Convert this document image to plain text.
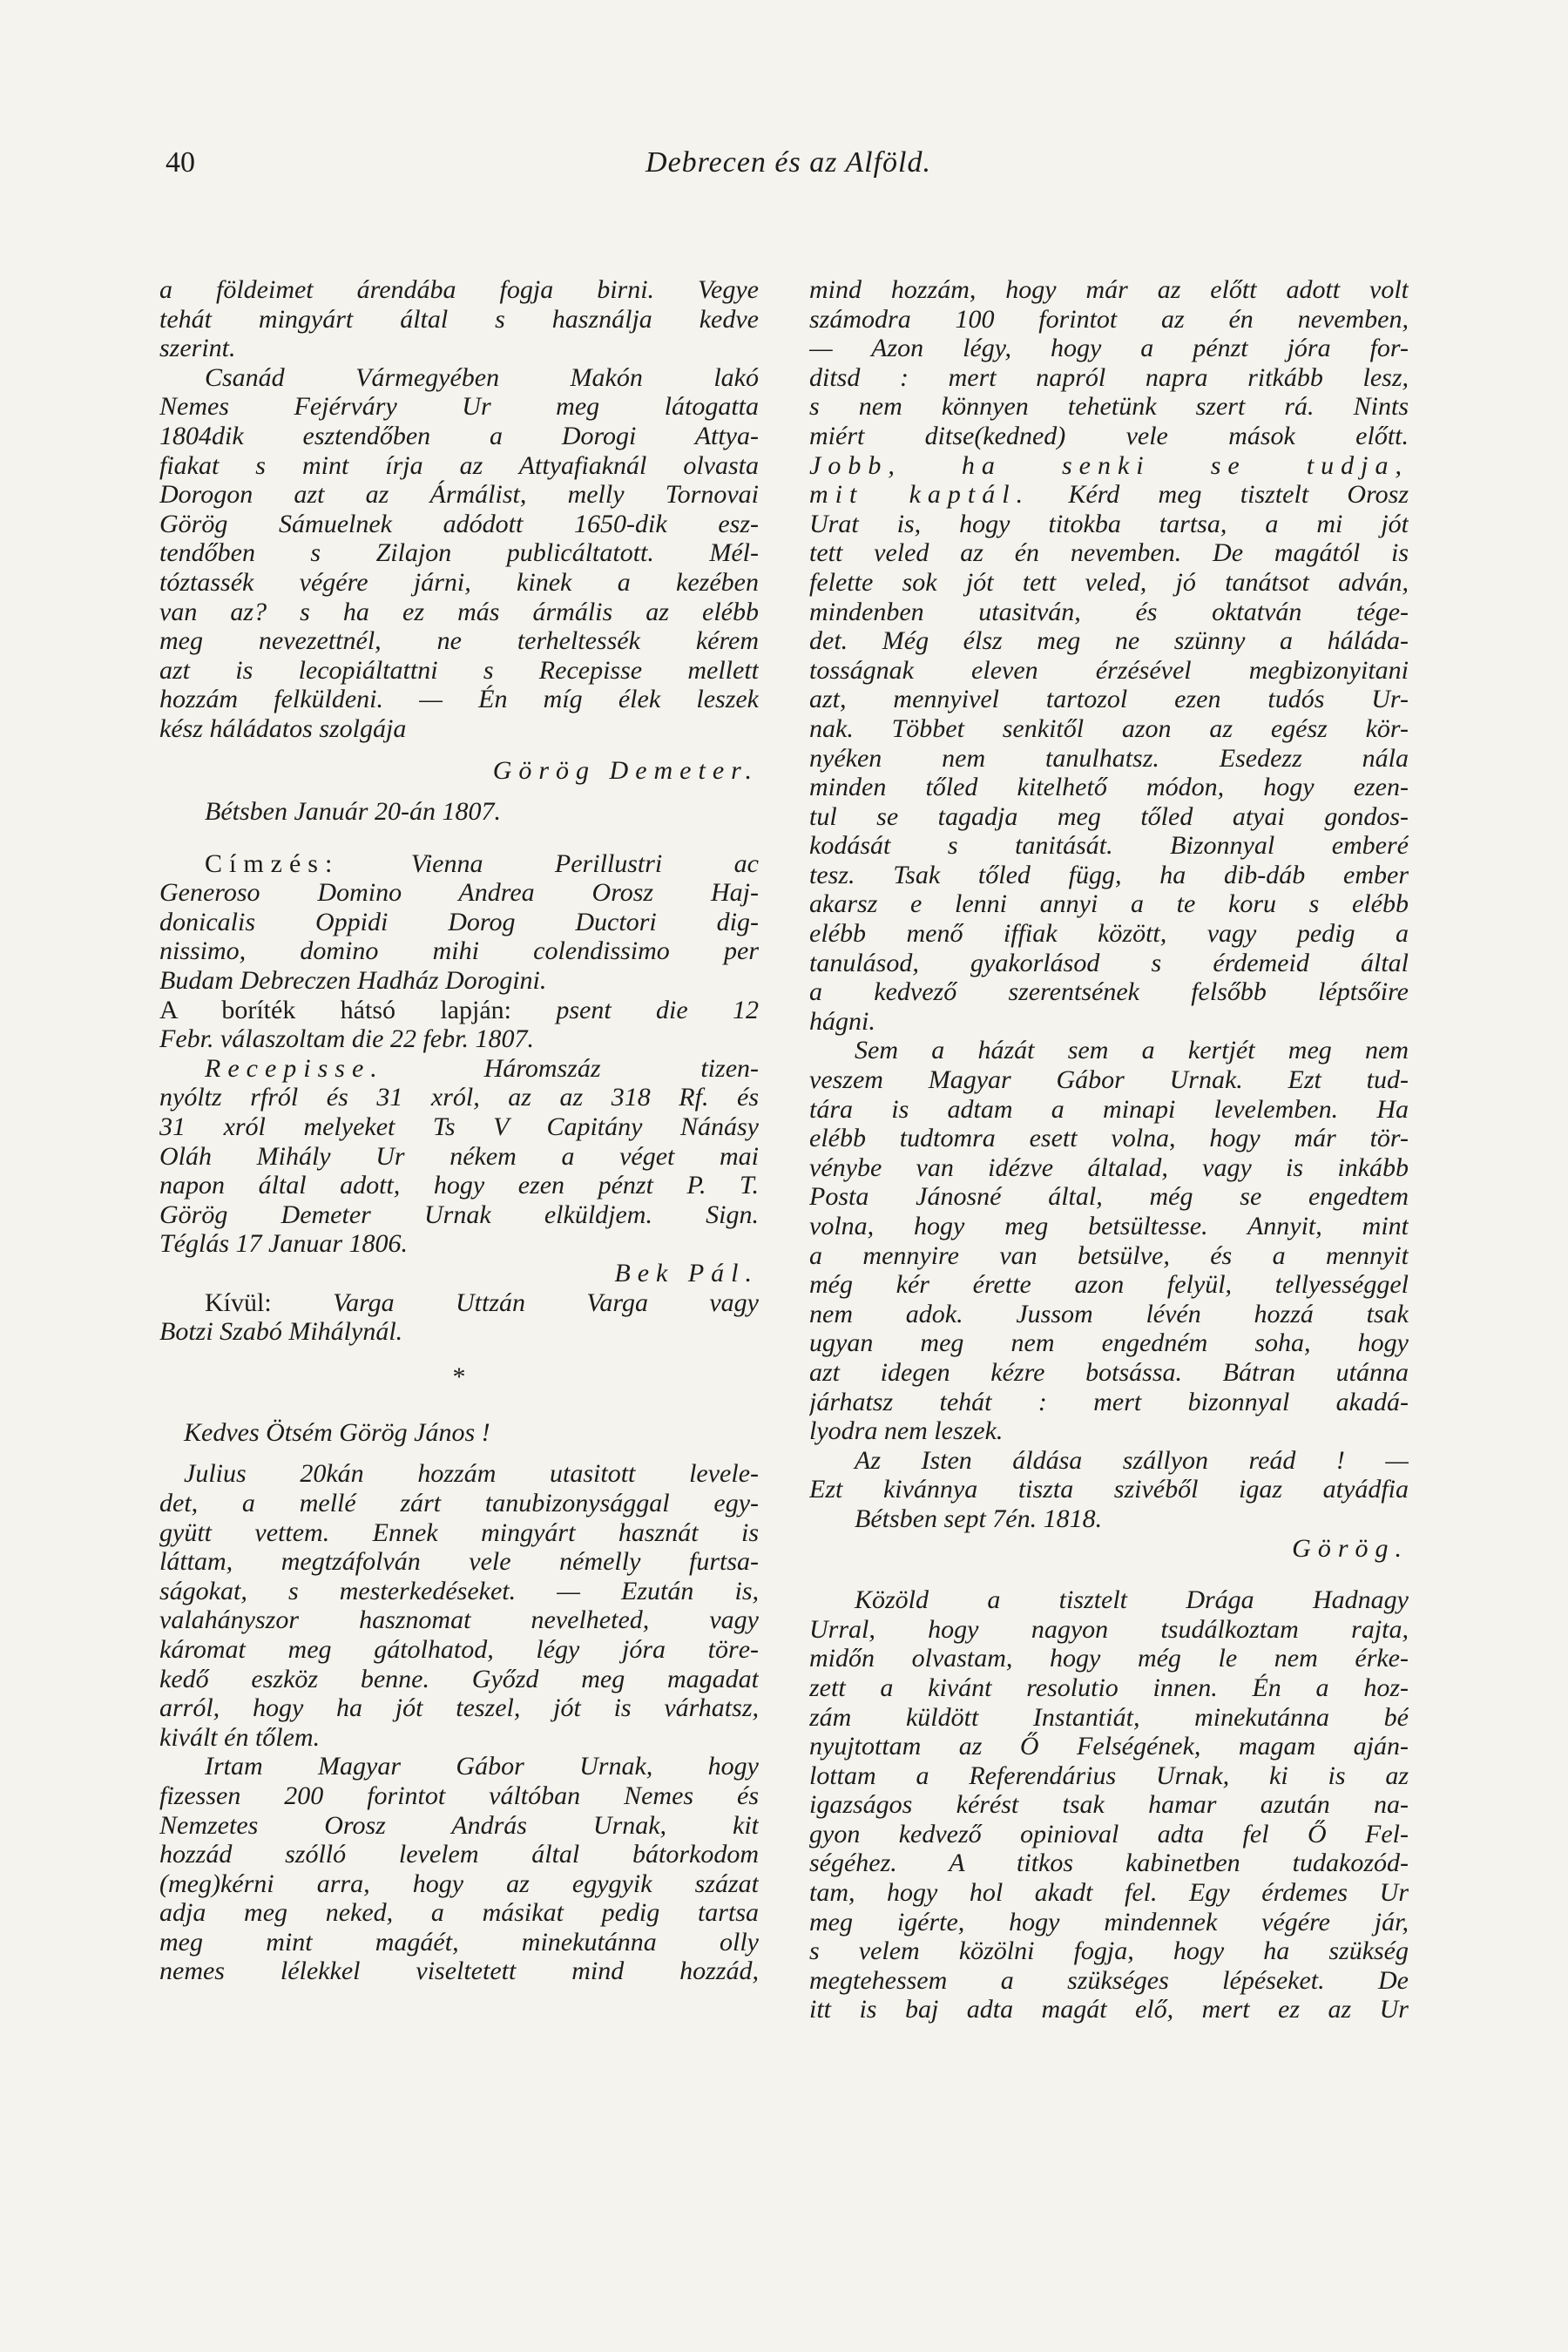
40	Debrecen és az Alföld.
a földeimet árendába fogja birni. Vegye
tehát mingyárt által s használja kedve
szerint.
Csanád Vármegyében Makón lakó
Nemes Fejérváry Ur meg látogatta
1804dik esztendőben a Dorogi Attya-
fiakat s mint írja az Attyafiaknál olvasta
Dorogon azt az Ármálist, melly Tornovai
Görög Sámuelnek adódott 1650-dik esz-
tendőben s Zilajon publicáltatott. Mél-
tóztassék végére járni, kinek a kezében
van az? s ha ez más ármális az elébb
meg nevezettnél, ne terheltessék kérem
azt is lecopiáltattni s Recepisse mellett
hozzám felküldeni. — Én míg élek leszek
kész háládatos szolgája
Görög Demeter.
Bétsben Január 20-án 1807.
Címzés:	Vienna Perillustri ac
Generoso Domino Andrea Orosz Haj-
donicalis Oppidi Dorog Ductori dig-
nissimo, domino mihi colendissimo per
Budam Debreczen Hadház Dorogini.
A boríték hátsó lapján: psent die 12
Febr. válaszoltam die 22 febr. 1807.
Recepisse.	Háromszáz tizen-
nyóltz rfról és 31 xról, az az 318 Rf. és
31 xról melyeket Ts V Capitány Nánásy
Oláh Mihály Ur nékem a véget mai
napon által adott, hogy ezen pénzt P. T.
Görög Demeter Urnak elküldjem. Sign.
Téglás 17 Januar 1806.
Bek Pál.
Kívül: Varga Uttzán Varga vagy
Botzi Szabó Mihálynál.
*
Kedves Ötsém Görög János !
Julius 20kán hozzám utasitott levele-
det, a mellé zárt tanubizonysággal egy-
gyütt vettem. Ennek mingyárt hasznát is
láttam, megtzáfolván vele némelly furtsa-
ságokat, s mesterkedéseket. — Ezután is,
valahányszor hasznomat nevelheted, vagy
káromat meg gátolhatod, légy jóra törе-
kedő eszköz benne. Győzd meg magadat
arról, hogy ha jót teszel, jót is várhatsz,
kivált én tőlem.
Irtam Magyar Gábor Urnak, hogy
fizessen 200 forintot váltóban Nemes és
Nemzetes Orosz András Urnak, kit
hozzád szólló levelem által bátorkodom
(meg)kérni arra, hogy az egygyik százat
adja meg neked, a másikat pedig tartsa
meg mint magáét, minekutánna olly
nemes lélekkel viseltetett mind hozzád,
mind hozzám, hogy már az előtt adott volt
számodra 100 forintot az én nevemben,
— Azon légy, hogy a pénzt jóra for-
ditsd : mert napról napra ritkább lesz,
s nem könnyen tehetünk szert rá. Nints
miért ditse(kedned) vele mások előtt.
Jobb, ha senki se tudja,
mit kaptál. Kérd meg tisztelt Orosz
Urat is, hogy titokba tartsa, a mi jót
tett veled az én nevemben. De magától is
felette sok jót tett veled, jó tanátsot adván,
mindenben utasitván, és oktatván tége-
det. Még élsz meg ne szünny a háláda-
tosságnak eleven érzésével megbizonyitani
azt, mennyivel tartozol ezen tudós Ur-
nak. Többet senkitől azon az egész kör-
nyéken nem tanulhatsz. Esedezz nála
minden tőled kitelhető módon, hogy ezen-
tul se tagadja meg tőled atyai gondos-
kodását s tanitását. Bizonnyal emberé
tesz. Tsak tőled függ, ha dib-dáb ember
akarsz e lenni annyi a te koru s elébb
elébb menő iffiak között, vagy pedig a
tanulásod, gyakorlásod s érdemeid által
a kedvező szerentsének felsőbb léptsőire
hágni.
Sem a házát sem a kertjét meg nem
veszem Magyar Gábor Urnak. Ezt tud-
tára is adtam a minapi levelemben. Ha
elébb tudtomra esett volna, hogy már tör-
vénybe van idézve általad, vagy is inkább
Posta Jánosné által, még se engedtem
volna, hogy meg betsültesse. Annyit, mint
a mennyire van betsülve, és a mennyit
még kér érette azon felyül, tellyességgel
nem adok. Jussom lévén hozzá tsak
ugyan meg nem engedném soha, hogy
azt idegen kézre botsássa. Bátran utánna
járhatsz tehát : mert bizonnyal akadá-
lyodra nem leszek.
Az Isten áldása szállyon reád ! —
Ezt kivánnya tiszta szivéből igaz atyádfia
Bétsben sept 7én. 1818.
Görög.
Közöld a tisztelt Drága Hadnagy
Urral, hogy nagyon tsudálkoztam rajta,
midőn olvastam, hogy még le nem érke-
zett a kivánt resolutio innen. Én a hoz-
zám küldött Instantiát, minekutánna bé
nyujtottam az Ő Felségének, magam aján-
lottam a Referendárius Urnak, ki is az
igazságos kérést tsak hamar azután na-
gyon kedvező opinioval adta fel Ő Fel-
ségéhez. A titkos kabinetben tudakozód-
tam, hogy hol akadt fel. Egy érdemes Ur
meg igérte, hogy mindennek végére jár,
s velem közölni fogja, hogy ha szükség
megtehessem a szükséges lépéseket. De
itt is baj adta magát elő, mert ez az Ur
